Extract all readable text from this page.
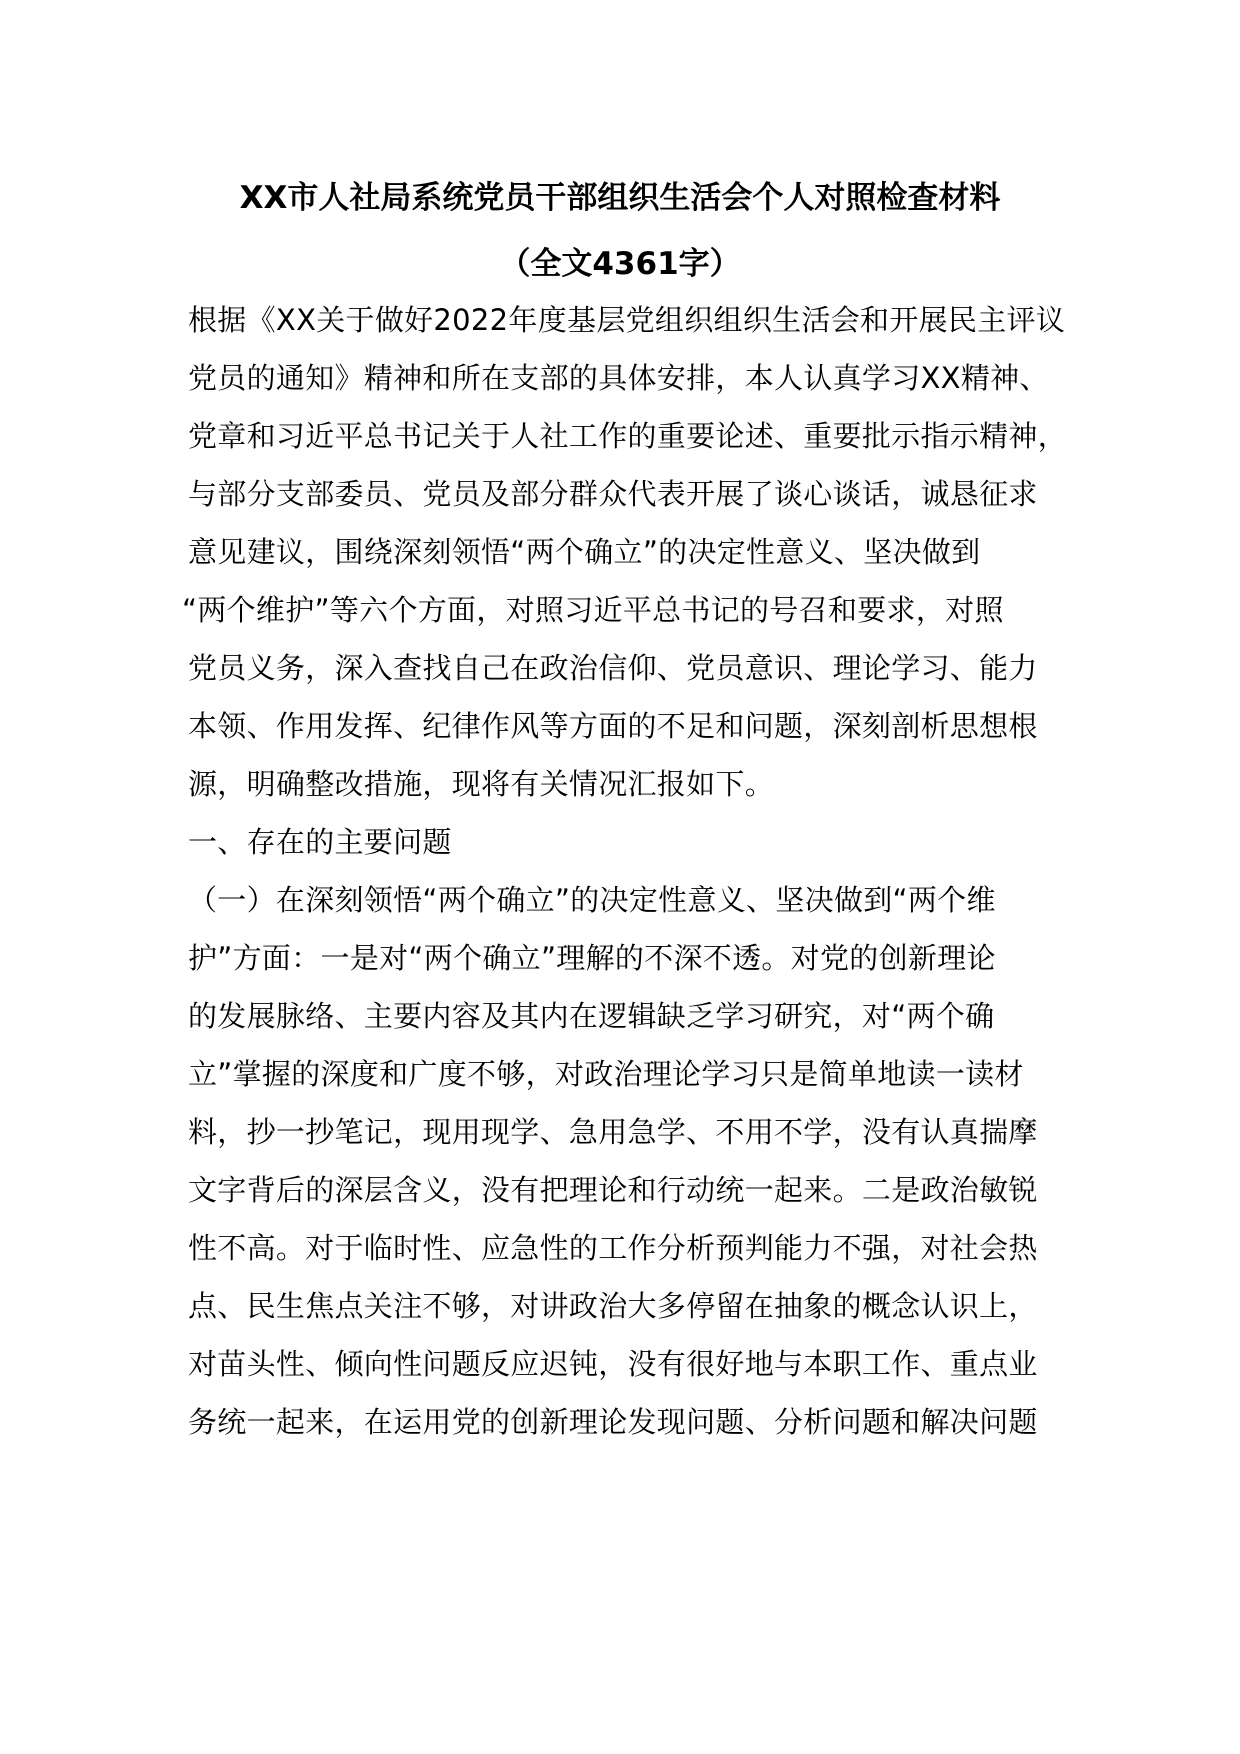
XX市人社局系统党员干部组织生活会个人对照检查材料
（全文4361字）
根据《XX关于做好2022年度基层党组织组织生活会和开展民主评议
党员的通知》精神和所在支部的具体安排，本人认真学习XX精神、
党章和习近平总书记关于人社工作的重要论述、重要批示指示精神，
与部分支部委员、党员及部分群众代表开展了谈心谈话，诚恳征求
意见建议，围绕深刻领悟“两个确立”的决定性意义、坚决做到
“两个维护”等六个方面，对照习近平总书记的号召和要求，对照
党员义务，深入查找自己在政治信仰、党员意识、理论学习、能力
本领、作用发挥、纪律作风等方面的不足和问题，深刻剖析思想根
源，明确整改措施，现将有关情况汇报如下。
一、存在的主要问题
（一）在深刻领悟“两个确立”的决定性意义、坚决做到“两个维
护”方面：一是对“两个确立”理解的不深不透。对党的创新理论
的发展脉络、主要内容及其内在逻辑缺乏学习研究，对“两个确
立”掌握的深度和广度不够，对政治理论学习只是简单地读一读材
料，抄一抄笔记，现用现学、急用急学、不用不学，没有认真揣摩
文字背后的深层含义，没有把理论和行动统一起来。二是政治敏锐
性不高。对于临时性、应急性的工作分析预判能力不强，对社会热
点、民生焦点关注不够，对讲政治大多停留在抽象的概念认识上，
对苗头性、倾向性问题反应迟钝，没有很好地与本职工作、重点业
务统一起来，在运用党的创新理论发现问题、分析问题和解决问题
